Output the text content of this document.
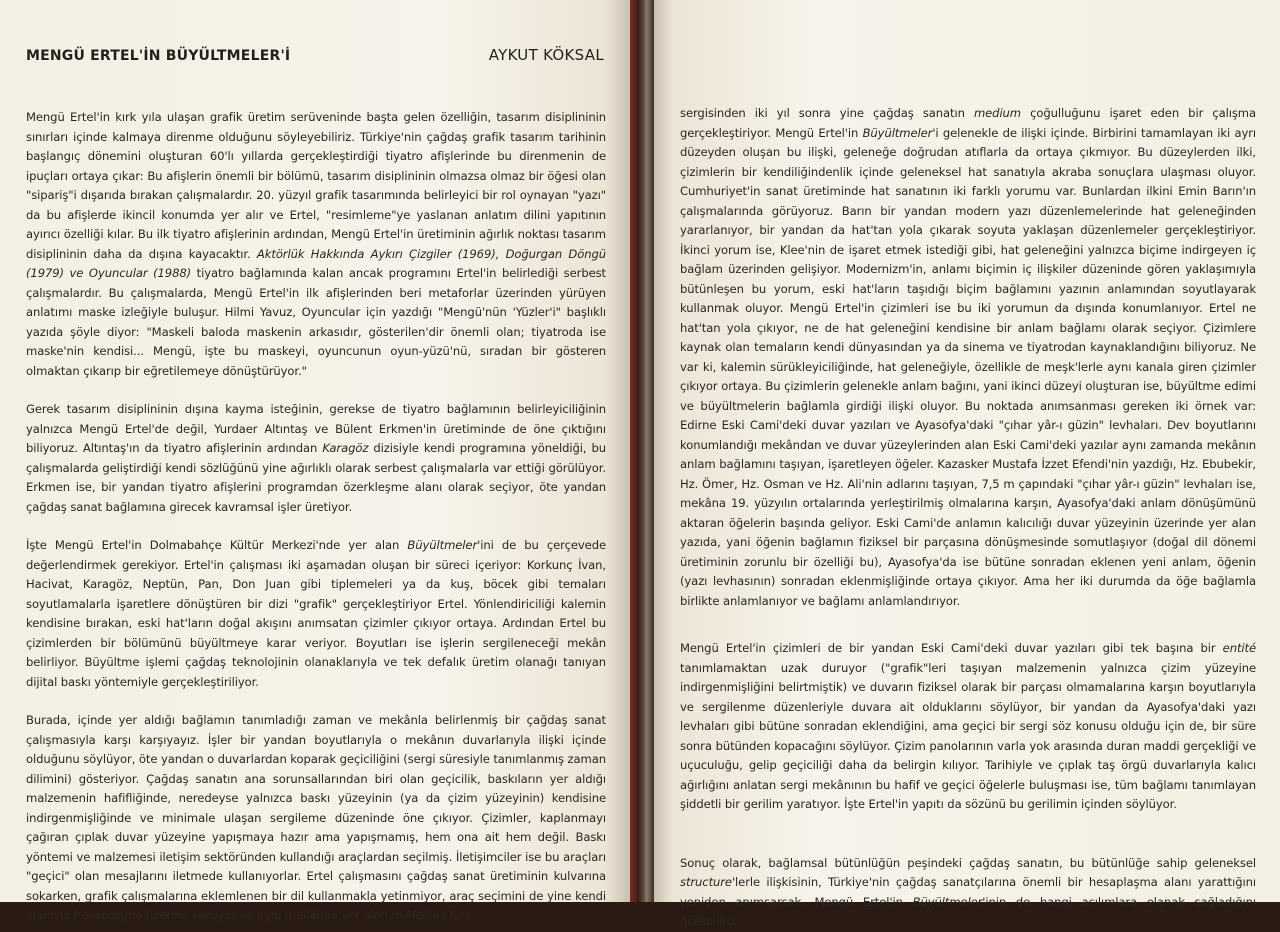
MENGÜ ERTEL'İN BÜYÜLTMELER'İ	AYKUT KÖKSAL

Mengü Ertel'in kırk yıla ulaşan grafik üretim serüveninde başta gelen özelliğin, tasarım disiplininin sınırları içinde kalmaya direnme olduğunu söyleyebiliriz. Türkiye'nin çağdaş grafik tasarım tarihinin başlangıç dönemini oluşturan 60'lı yıllarda gerçekleştirdiği tiyatro afişlerinde bu direnmenin de ipuçları ortaya çıkar: Bu afişlerin önemli bir bölümü, tasarım disiplininin olmazsa olmaz bir öğesi olan "sipariş"i dışarıda bırakan çalışmalardır. 20. yüzyıl grafik tasarımında belirleyici bir rol oynayan "yazı" da bu afişlerde ikincil konumda yer alır ve Ertel, "resimleme"ye yaslanan anlatım dilini yapıtının ayırıcı özelliği kılar. Bu ilk tiyatro afişlerinin ardından, Mengü Ertel'in üretiminin ağırlık noktası tasarım disiplininin daha da dışına kayacaktır. Aktörlük Hakkında Aykırı Çizgiler (1969), Doğurgan Döngü (1979) ve Oyuncular (1988) tiyatro bağlamında kalan ancak programını Ertel'in belirlediği serbest çalışmalardır. Bu çalışmalarda, Mengü Ertel'in ilk afişlerinden beri metaforlar üzerinden yürüyen anlatımı maske izleğiyle buluşur. Hilmi Yavuz, Oyuncular için yazdığı "Mengü'nün 'Yüzler'i" başlıklı yazıda şöyle diyor: "Maskeli baloda maskenin arkasıdır, gösterilen'dir önemli olan; tiyatroda ise maske'nin kendisi... Mengü, işte bu maskeyi, oyuncunun oyun-yüzü'nü, sıradan bir gösteren olmaktan çıkarıp bir eğretilemeye dönüştürüyor."

Gerek tasarım disiplininin dışına kayma isteğinin, gerekse de tiyatro bağlamının belirleyiciliğinin yalnızca Mengü Ertel'de değil, Yurdaer Altıntaş ve Bülent Erkmen'in üretiminde de öne çıktığını biliyoruz. Altıntaş'ın da tiyatro afişlerinin ardından Karagöz dizisiyle kendi programına yöneldiği, bu çalışmalarda geliştirdiği kendi sözlüğünü yine ağırlıklı olarak serbest çalışmalarla var ettiği görülüyor. Erkmen ise, bir yandan tiyatro afişlerini programdan özerkleşme alanı olarak seçiyor, öte yandan çağdaş sanat bağlamına girecek kavramsal işler üretiyor.

İşte Mengü Ertel'in Dolmabahçe Kültür Merkezi'nde yer alan Büyültmeler'ini de bu çerçevede değerlendirmek gerekiyor. Ertel'in çalışması iki aşamadan oluşan bir süreci içeriyor: Korkunç İvan, Hacivat, Karagöz, Neptün, Pan, Don Juan gibi tiplemeleri ya da kuş, böcek gibi temaları soyutlamalarla işaretlere dönüştüren bir dizi "grafik" gerçekleştiriyor Ertel. Yönlendiriciliği kalemin kendisine bırakan, eski hat'ların doğal akışını anımsatan çizimler çıkıyor ortaya. Ardından Ertel bu çizimlerden bir bölümünü büyültmeye karar veriyor. Boyutları ise işlerin sergileneceği mekân belirliyor. Büyültme işlemi çağdaş teknolojinin olanaklarıyla ve tek defalık üretim olanağı tanıyan dijital baskı yöntemiyle gerçekleştiriliyor.

Burada, içinde yer aldığı bağlamın tanımladığı zaman ve mekânla belirlenmiş bir çağdaş sanat çalışmasıyla karşı karşıyayız. İşler bir yandan boyutlarıyla o mekânın duvarlarıyla ilişki içinde olduğunu söylüyor, öte yandan o duvarlardan koparak geçiciliğini (sergi süresiyle tanımlanmış zaman dilimini) gösteriyor. Çağdaş sanatın ana sorunsallarından biri olan geçicilik, baskıların yer aldığı malzemenin hafifliğinde, neredeyse yalnızca baskı yüzeyinin (ya da çizim yüzeyinin) kendisine indirgenmişliğinde ve minimale ulaşan sergileme düzeninde öne çıkıyor. Çizimler, kaplanmayı çağıran çıplak duvar yüzeyine yapışmaya hazır ama yapışmamış, hem ona ait hem değil. Baskı yöntemi ve malzemesi iletişim sektöründen kullandığı araçlardan seçilmiş. İletişimciler ise bu araçları "geçici" olan mesajlarını iletmede kullanıyorlar. Ertel çalışmasını çağdaş sanat üretiminin kulvarına sokarken, grafik çalışmalarına eklemlenen bir dil kullanmakla yetinmiyor, araç seçimini de yine kendi alanıyla hesaplaşma üzerine kuruyor ve aynı mekânda yer alan In Medias Res

sergisinden iki yıl sonra yine çağdaş sanatın medium çoğulluğunu işaret eden bir çalışma gerçekleştiriyor. Mengü Ertel'in Büyültmeler'i gelenekle de ilişki içinde. Birbirini tamamlayan iki ayrı düzeyden oluşan bu ilişki, geleneğe doğrudan atıflarla da ortaya çıkmıyor. Bu düzeylerden ilki, çizimlerin bir kendiliğindenlik içinde geleneksel hat sanatıyla akraba sonuçlara ulaşması oluyor. Cumhuriyet'in sanat üretiminde hat sanatının iki farklı yorumu var. Bunlardan ilkini Emin Barın'ın çalışmalarında görüyoruz. Barın bir yandan modern yazı düzenlemelerinde hat geleneğinden yararlanıyor, bir yandan da hat'tan yola çıkarak soyuta yaklaşan düzenlemeler gerçekleştiriyor. İkinci yorum ise, Klee'nin de işaret etmek istediği gibi, hat geleneğini yalnızca biçime indirgeyen iç bağlam üzerinden gelişiyor. Modernizm'in, anlamı biçimin iç ilişkiler düzeninde gören yaklaşımıyla bütünleşen bu yorum, eski hat'ların taşıdığı biçim bağlamını yazının anlamından soyutlayarak kullanmak oluyor. Mengü Ertel'in çizimleri ise bu iki yorumun da dışında konumlanıyor. Ertel ne hat'tan yola çıkıyor, ne de hat geleneğini kendisine bir anlam bağlamı olarak seçiyor. Çizimlere kaynak olan temaların kendi dünyasından ya da sinema ve tiyatrodan kaynaklandığını biliyoruz. Ne var ki, kalemin sürükleyiciliğinde, hat geleneğiyle, özellikle de meşk'lerle aynı kanala giren çizimler çıkıyor ortaya. Bu çizimlerin gelenekle anlam bağını, yani ikinci düzeyi oluşturan ise, büyültme edimi ve büyültmelerin bağlamla girdiği ilişki oluyor. Bu noktada anımsanması gereken iki örnek var: Edirne Eski Cami'deki duvar yazıları ve Ayasofya'daki "çıhar yâr-ı güzin" levhaları. Dev boyutlarını konumlandığı mekândan ve duvar yüzeylerinden alan Eski Cami'deki yazılar aynı zamanda mekânın anlam bağlamını taşıyan, işaretleyen öğeler. Kazasker Mustafa İzzet Efendi'nin yazdığı, Hz. Ebubekir, Hz. Ömer, Hz. Osman ve Hz. Ali'nin adlarını taşıyan, 7,5 m çapındaki "çıhar yâr-ı güzin" levhaları ise, mekâna 19. yüzyılın ortalarında yerleştirilmiş olmalarına karşın, Ayasofya'daki anlam dönüşümünü aktaran öğelerin başında geliyor. Eski Cami'de anlamın kalıcılığı duvar yüzeyinin üzerinde yer alan yazıda, yani öğenin bağlamın fiziksel bir parçasına dönüşmesinde somutlaşıyor (doğal dil dönemi üretiminin zorunlu bir özelliği bu), Ayasofya'da ise bütüne sonradan eklenen yeni anlam, öğenin (yazı levhasının) sonradan eklenmişliğinde ortaya çıkıyor. Ama her iki durumda da öğe bağlamla birlikte anlamlanıyor ve bağlamı anlamlandırıyor.

Mengü Ertel'in çizimleri de bir yandan Eski Cami'deki duvar yazıları gibi tek başına bir entité tanımlamaktan uzak duruyor ("grafik"leri taşıyan malzemenin yalnızca çizim yüzeyine indirgenmişliğini belirtmiştik) ve duvarın fiziksel olarak bir parçası olmamalarına karşın boyutlarıyla ve sergilenme düzenleriyle duvara ait olduklarını söylüyor, bir yandan da Ayasofya'daki yazı levhaları gibi bütüne sonradan eklendiğini, ama geçici bir sergi söz konusu olduğu için de, bir süre sonra bütünden kopacağını söylüyor. Çizim panolarının varla yok arasında duran maddi gerçekliği ve uçuculuğu, gelip geçiciliği daha da belirgin kılıyor. Tarihiyle ve çıplak taş örgü duvarlarıyla kalıcı ağırlığını anlatan sergi mekânının bu hafif ve geçici öğelerle buluşması ise, tüm bağlamı tanımlayan şiddetli bir gerilim yaratıyor. İşte Ertel'in yapıtı da sözünü bu gerilimin içinden söylüyor.

Sonuç olarak, bağlamsal bütünlüğün peşindeki çağdaş sanatın, bu bütünlüğe sahip geleneksel structure'lerle ilişkisinin, Türkiye'nin çağdaş sanatçılarına önemli bir hesaplaşma alanı yarattığını yeniden anımsarsak, Mengü Ertel'in Büyültmeler'inin de hangi açılımlara olanak sağladığını görebiliriz.
